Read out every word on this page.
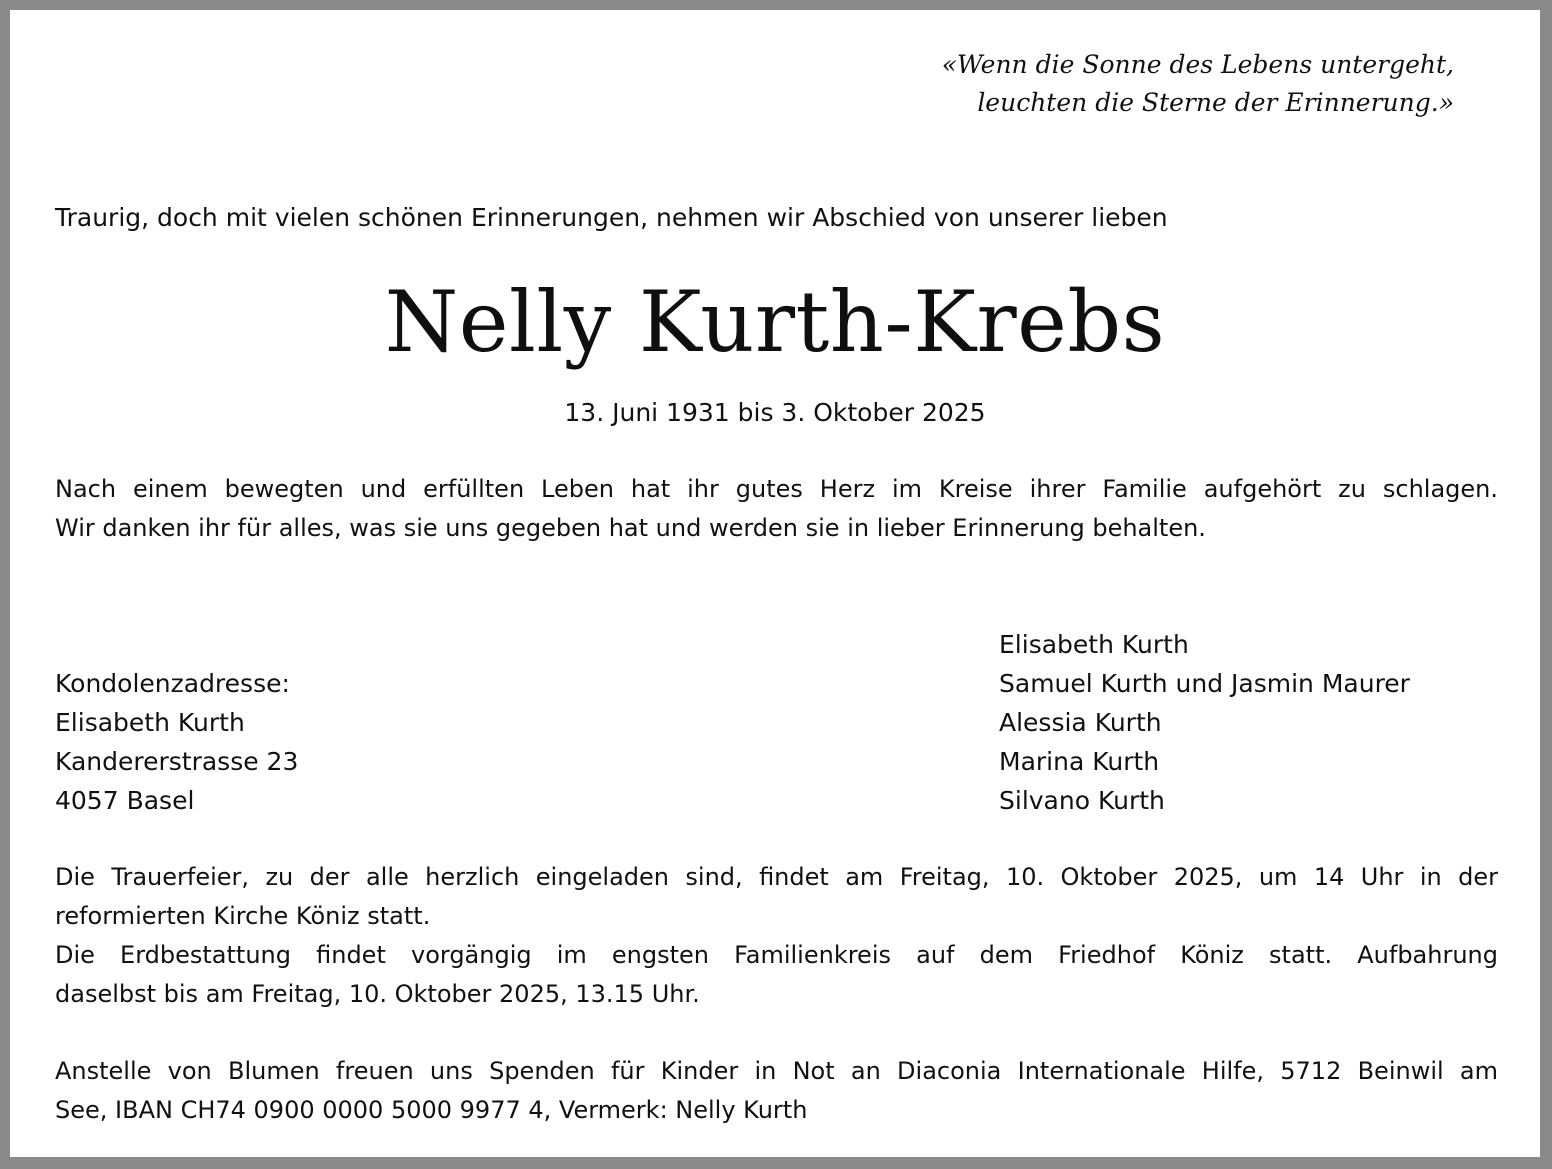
«Wenn die Sonne des Lebens untergeht,
leuchten die Sterne der Erinnerung.»
Traurig, doch mit vielen schönen Erinnerungen, nehmen wir Abschied von unserer lieben
Nelly Kurth-Krebs
13. Juni 1931 bis 3. Oktober 2025

Nach einem bewegten und erfüllten Leben hat ihr gutes Herz im Kreise ihrer Familie aufgehört zu schlagen.

Wir danken ihr für alles, was sie uns gegeben hat und werden sie in lieber Erinnerung behalten.

Kondolenzadresse:
Elisabeth Kurth
Kandererstrasse 23
4057 Basel
Elisabeth Kurth
Samuel Kurth und Jasmin Maurer
Alessia Kurth
Marina Kurth
Silvano Kurth

Die Trauerfeier, zu der alle herzlich eingeladen sind, findet am Freitag, 10. Oktober 2025, um 14 Uhr in der

reformierten Kirche Köniz statt.

Die Erdbestattung findet vorgängig im engsten Familienkreis auf dem Friedhof Köniz statt. Aufbahrung

daselbst bis am Freitag, 10. Oktober 2025, 13.15 Uhr.

Anstelle von Blumen freuen uns Spenden für Kinder in Not an Diaconia Internationale Hilfe, 5712 Beinwil am

See, IBAN CH74 0900 0000 5000 9977 4, Vermerk: Nelly Kurth
